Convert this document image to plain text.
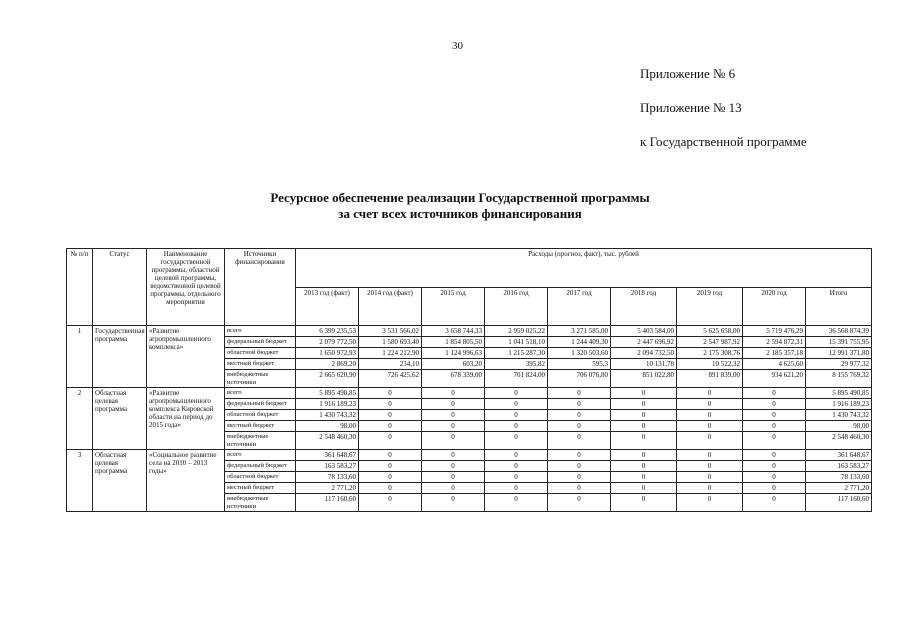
30
Приложение № 6
Приложение № 13
к Государственной программе
Ресурсное обеспечение реализации Государственной программы
за счет всех источников финансирования
№ п/п	Статус	Наименование государственной программы, областной целевой программы, ведомственной целевой программы, отдельного мероприятия	Источники финансирования	Расходы (прогноз, факт), тыс. рублей								
				2013 год (факт)	2014 год (факт)	2015 год	2016 год	2017 год	2018 год	2019 год	2020 год	Итого
1	Государственная программа	«Развитие агропромышленного комплекса»	всего	6 399 235,53	3 531 566,02	3 658 744,33	2 959 025,22	3 271 585,00	5 403 584,00	5 625 658,00	5 719 476,29	36 568 874,39
			федеральный бюджет	2 079 772,50	1 580 693,40	1 854 805,50	1 041 518,10	1 244 409,30	2 447 696,92	2 547 987,92	2 594 872,31	15 391 755,95
			областной бюджет	1 650 972,93	1 224 212,90	1 124 996,63	1 215 287,30	1 320 503,60	2 094 732,50	2 175 308,76	2 185 357,18	12 991 371,80
			местный бюджет	2 869,20	234,10	603,20	395,82	595,3	10 131,78	10 522,32	4 625,60	29 977,32
			внебюджетные источники	2 665 620,90	726 425,62	678 339,00	701 824,00	706 076,80	851 022,80	891 839,00	934 621,20	8 155 769,32
2	Областная целевая программа	«Развитие агропромышленного комплекса Кировской области на период до 2015 года»	всего	5 895 490,85	0	0	0	0	0	0	0	5 895 490,85
			федеральный бюджет	1 916 189,23	0	0	0	0	0	0	0	1 916 189,23
			областной бюджет	1 430 743,32	0	0	0	0	0	0	0	1 430 743,32
			местный бюджет	98,00	0	0	0	0	0	0	0	98,00
			внебюджетные источники	2 548 460,30	0	0	0	0	0	0	0	2 548 460,30
3	Областная целевая программа	«Социальное развитие села на 2010 – 2013 годы»	всего	361 648,67	0	0	0	0	0	0	0	361 648,67
			федеральный бюджет	163 583,27	0	0	0	0	0	0	0	163 583,27
			областной бюджет	78 133,60	0	0	0	0	0	0	0	78 133,60
			местный бюджет	2 771,20	0	0	0	0	0	0	0	2 771,20
			внебюджетные источники	117 160,60	0	0	0	0	0	0	0	117 160,60
